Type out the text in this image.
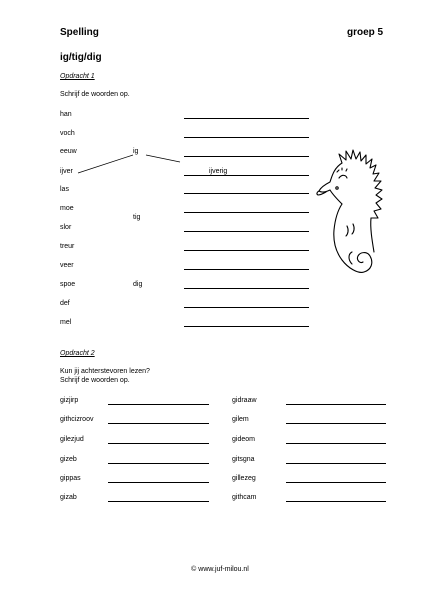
Spelling	groep 5
ig/tig/dig
Opdracht 1
Schrijf de woorden op.
han
voch
eeuw
ijver
las
moe
slor
treur
veer
spoe
def
mel
ig
tig
dig
ijverig
Opdracht 2
Kun jij achterstevoren lezen?
Schrijf de woorden op.
gizjirp
githcizroov
gilezjud
gizeb
gippas
gizab
gidraaw
gilem
gideom
gitsgna
gillezeg
githcam
© www.juf-milou.nl
